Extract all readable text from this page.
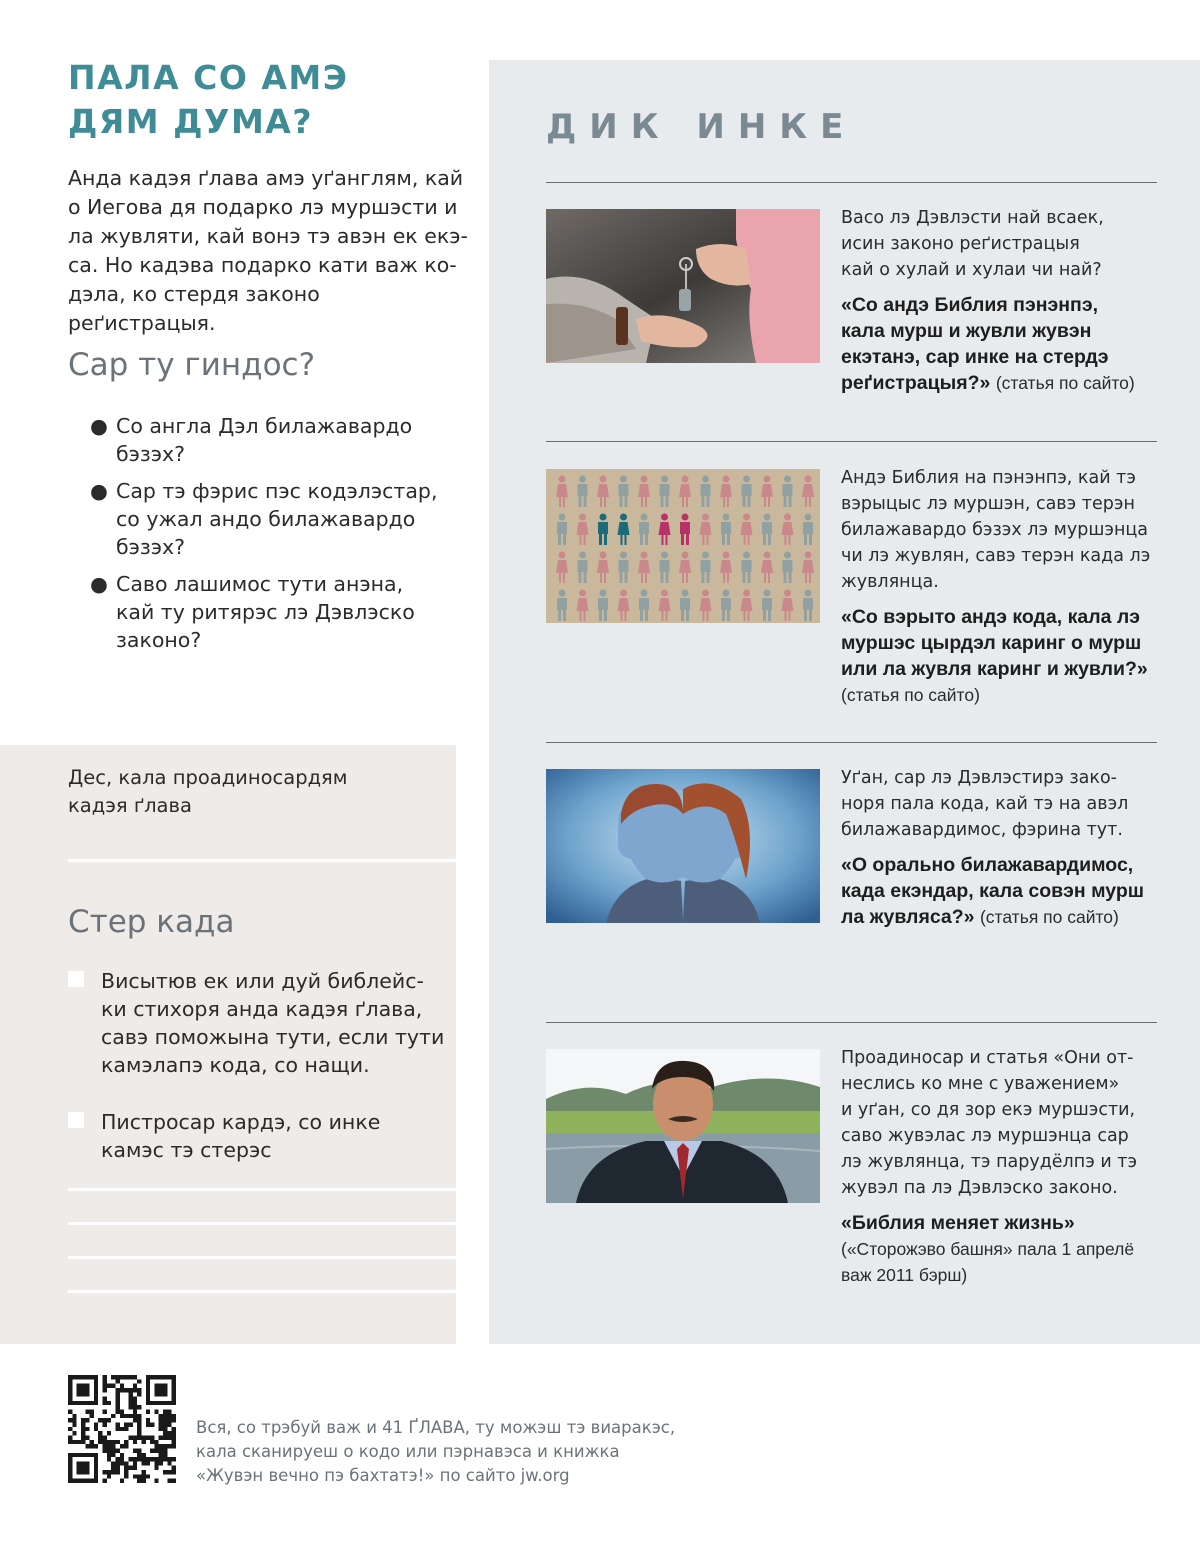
ПАЛА СО АМЭ
ДЯМ ДУМА?

Анда кадэя ґлава амэ уґанглям, кай
о Иегова дя подарко лэ муршэсти и
ла жувляти, кай вонэ тэ авэн ек екэ-
са. Но кадэва подарко кати важ ко-
дэла, ко стердя законо реґистрацыя.

Сар ту гиндос?
● Со англа Дэл билажавардо
бэзэх?
● Сар тэ фэрис пэс кодэлэстар,
со ужал андо билажавардо
бэзэх?
● Саво лашимос тути анэна,
кай ту ритярэс лэ Дэвлэско
законо?

Дес, кала проадиносардям
кадэя ґлава

Стер када
Висытюв ек или дуй библейс-
ки стихоря анда кадэя ґлава,
савэ поможына тути, если тути
камэлапэ кода, со нащи.
Пистросар кардэ, со инке
камэс тэ стерэс
ДИК ИНКЕ

Васо лэ Дэвлэсти най всаек,
исин законо реґистрацыя
кай о хулай и хулаи чи най?

«Со андэ Библия пэнэнпэ,
кала мурш и жувли жувэн
екэтанэ, сар инке на стердэ
реґистрацыя?» (статья по сайто)

Андэ Библия на пэнэнпэ, кай тэ
вэрыцыс лэ муршэн, савэ терэн
билажавардо бэзэх лэ муршэнца
чи лэ жувлян, савэ терэн када лэ
жувлянца.

«Со вэрыто андэ кода, кала лэ
муршэс цырдэл каринг о мурш
или ла жувля каринг и жувли?»
(статья по сайто)

Уґан, сар лэ Дэвлэстирэ зако-
норя пала кода, кай тэ на авэл
билажавардимос, фэрина тут.

«О орально билажавардимос,
када екэндар, кала совэн мурш
ла жувляса?» (статья по сайто)

Проадиносар и статья «Они от-
неслись ко мне с уважением»
и уґан, со дя зор екэ муршэсти,
саво жувэлас лэ муршэнца сар
лэ жувлянца, тэ парудёлпэ и тэ
жувэл па лэ Дэвлэско законо.

«Библия меняет жизнь»
(«Сторожэво башня» пала 1 апрелё
важ 2011 бэрш)

Вся, со трэбуй важ и 41 ҐЛАВА, ту можэш тэ виаракэс,
кала сканируеш о кодо или пэрнавэса и книжка
«Жувэн вечно пэ бахтатэ!» по сайто jw.org
